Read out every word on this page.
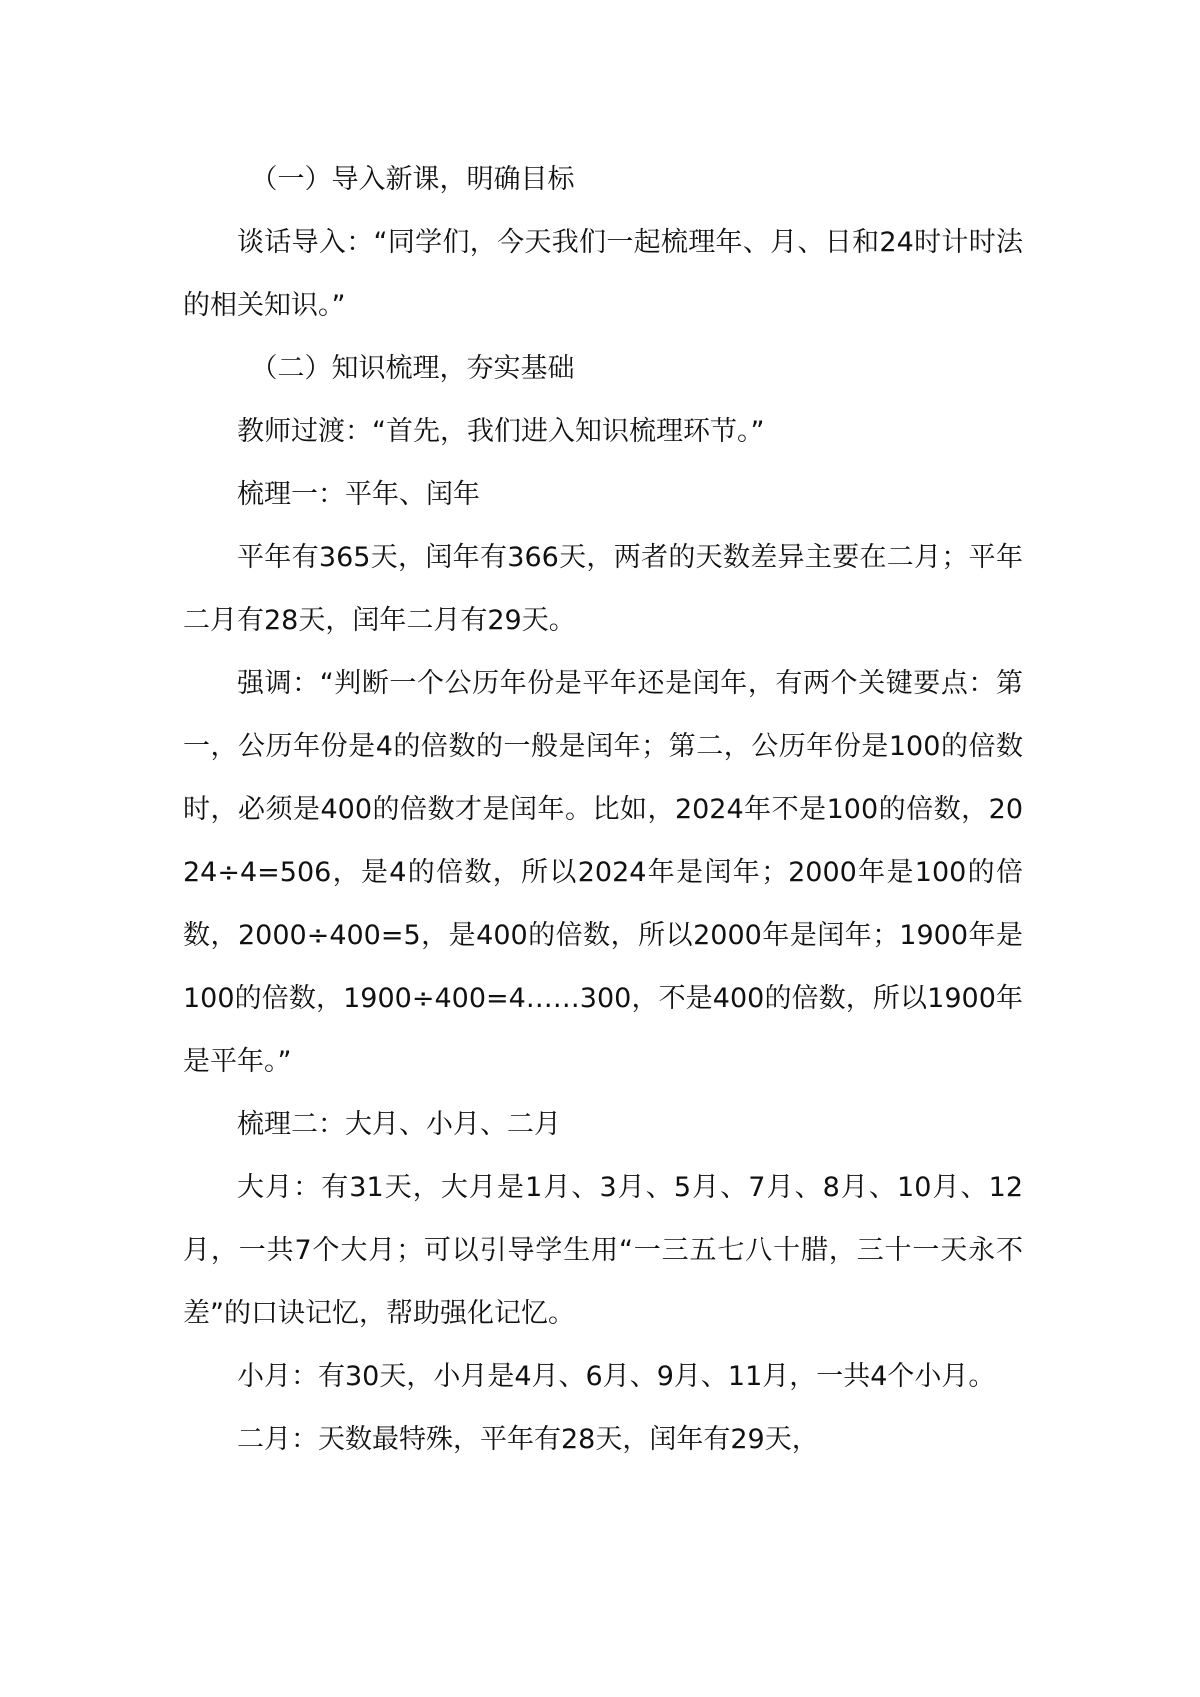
（一）导入新课，明确目标

谈话导入：“同学们，今天我们一起梳理年、月、日和24时计时法的相关知识。”

（二）知识梳理，夯实基础

教师过渡：“首先，我们进入知识梳理环节。”

梳理一：平年、闰年

平年有365天，闰年有366天，两者的天数差异主要在二月；平年二月有28天，闰年二月有29天。

强调：“判断一个公历年份是平年还是闰年，有两个关键要点：第一，公历年份是4的倍数的一般是闰年；第二，公历年份是100的倍数时，必须是400的倍数才是闰年。比如，2024年不是100的倍数，2024÷4=506，是4的倍数，所以2024年是闰年；2000年是100的倍数，2000÷400=5，是400的倍数，所以2000年是闰年；1900年是100的倍数，1900÷400=4……300，不是400的倍数，所以1900年是平年。”

梳理二：大月、小月、二月

大月：有31天，大月是1月、3月、5月、7月、8月、10月、12月，一共7个大月；可以引导学生用“一三五七八十腊，三十一天永不差”的口诀记忆，帮助强化记忆。

小月：有30天，小月是4月、6月、9月、11月，一共4个小月。

二月：天数最特殊，平年有28天，闰年有29天，
